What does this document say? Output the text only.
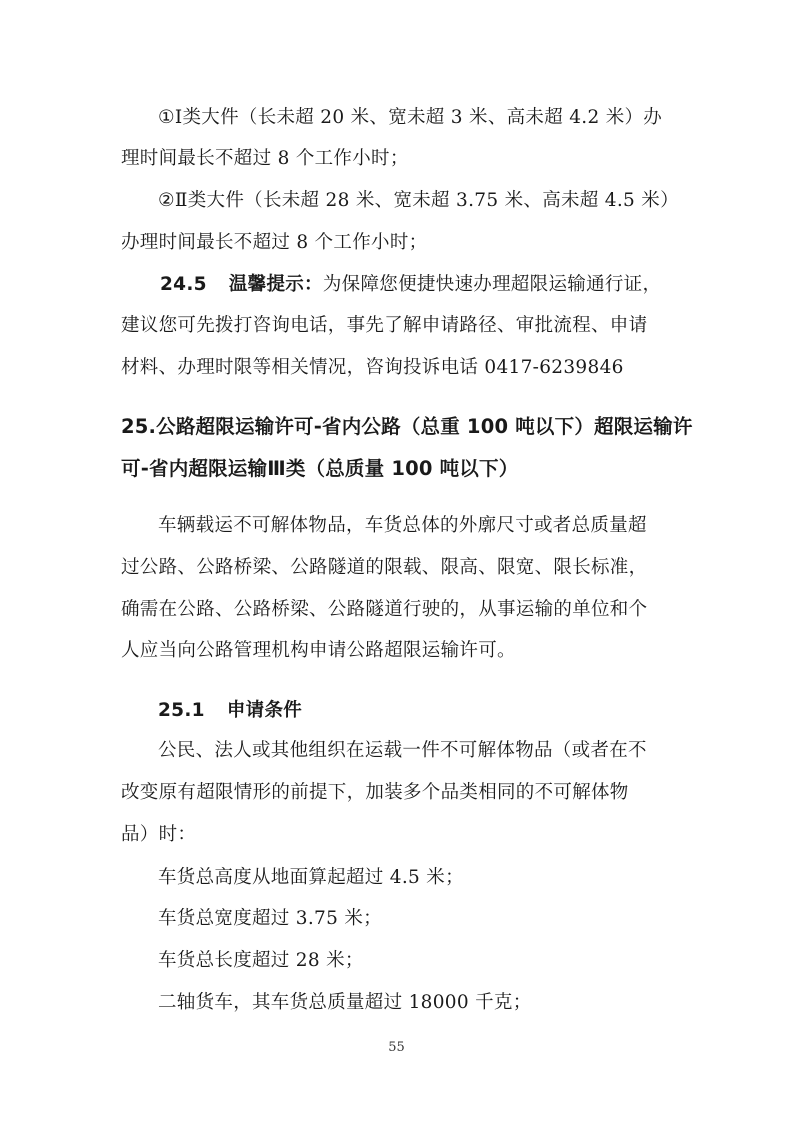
①Ⅰ类大件（长未超 20 米、宽未超 3 米、高未超 4.2 米）办
理时间最长不超过 8 个工作小时；
②Ⅱ类大件（长未超 28 米、宽未超 3.75 米、高未超 4.5 米）
办理时间最长不超过 8 个工作小时；
24.5 温馨提示：为保障您便捷快速办理超限运输通行证，
建议您可先拨打咨询电话，事先了解申请路径、审批流程、申请
材料、办理时限等相关情况，咨询投诉电话 0417-6239846
25.公路超限运输许可-省内公路（总重 100 吨以下）超限运输许
可-省内超限运输Ⅲ类（总质量 100 吨以下）
车辆载运不可解体物品，车货总体的外廓尺寸或者总质量超
过公路、公路桥梁、公路隧道的限载、限高、限宽、限长标准，
确需在公路、公路桥梁、公路隧道行驶的，从事运输的单位和个
人应当向公路管理机构申请公路超限运输许可。
25.1 申请条件
公民、法人或其他组织在运载一件不可解体物品（或者在不
改变原有超限情形的前提下，加装多个品类相同的不可解体物
品）时：
车货总高度从地面算起超过 4.5 米；
车货总宽度超过 3.75 米；
车货总长度超过 28 米；
二轴货车，其车货总质量超过 18000 千克；
55
